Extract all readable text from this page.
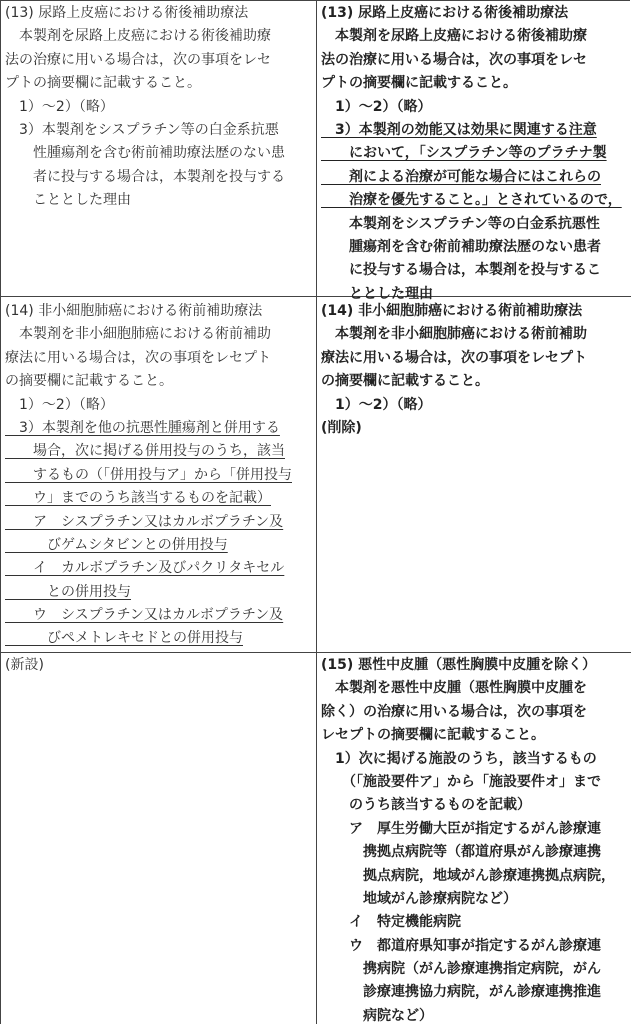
(13) 尿路上皮癌における術後補助療法
　本製剤を尿路上皮癌における術後補助療
法の治療に用いる場合は，次の事項をレセ
プトの摘要欄に記載すること。
　1）～2）（略）
　3）本製剤をシスプラチン等の白金系抗悪
　　性腫瘍剤を含む術前補助療法歴のない患
　　者に投与する場合は，本製剤を投与する
　　こととした理由
(13) 尿路上皮癌における術後補助療法
　本製剤を尿路上皮癌における術後補助療
法の治療に用いる場合は，次の事項をレセ
プトの摘要欄に記載すること。
　1）～2）（略）
　3）本製剤の効能又は効果に関連する注意
　　において，「シスプラチン等のプラチナ製
　　剤による治療が可能な場合にはこれらの
　　治療を優先すること。」とされているので，
　　本製剤をシスプラチン等の白金系抗悪性
　　腫瘍剤を含む術前補助療法歴のない患者
　　に投与する場合は，本製剤を投与するこ
　　ととした理由
(14) 非小細胞肺癌における術前補助療法
　本製剤を非小細胞肺癌における術前補助
療法に用いる場合は，次の事項をレセプト
の摘要欄に記載すること。
　1）～2）（略）
　3）本製剤を他の抗悪性腫瘍剤と併用する
　　場合，次に掲げる併用投与のうち，該当
　　するもの（「併用投与ア」から「併用投与
　　ウ」までのうち該当するものを記載）
　　ア　シスプラチン又はカルボプラチン及
　　　びゲムシタビンとの併用投与
　　イ　カルボプラチン及びパクリタキセル
　　　との併用投与
　　ウ　シスプラチン又はカルボプラチン及
　　　びペメトレキセドとの併用投与
(14) 非小細胞肺癌における術前補助療法
　本製剤を非小細胞肺癌における術前補助
療法に用いる場合は，次の事項をレセプト
の摘要欄に記載すること。
　1）～2）（略）
(削除)
(新設)	(15) 悪性中皮腫（悪性胸膜中皮腫を除く）
　本製剤を悪性中皮腫（悪性胸膜中皮腫を
除く）の治療に用いる場合は，次の事項を
レセプトの摘要欄に記載すること。
　1）次に掲げる施設のうち，該当するもの
　　（「施設要件ア」から「施設要件オ」まで
　　のうち該当するものを記載）
　　ア　厚生労働大臣が指定するがん診療連
　　　携拠点病院等（都道府県がん診療連携
　　　拠点病院，地域がん診療連携拠点病院，
　　　地域がん診療病院など）
　　イ　特定機能病院
　　ウ　都道府県知事が指定するがん診療連
　　　携病院（がん診療連携指定病院，がん
　　　診療連携協力病院，がん診療連携推進
　　　病院など）
